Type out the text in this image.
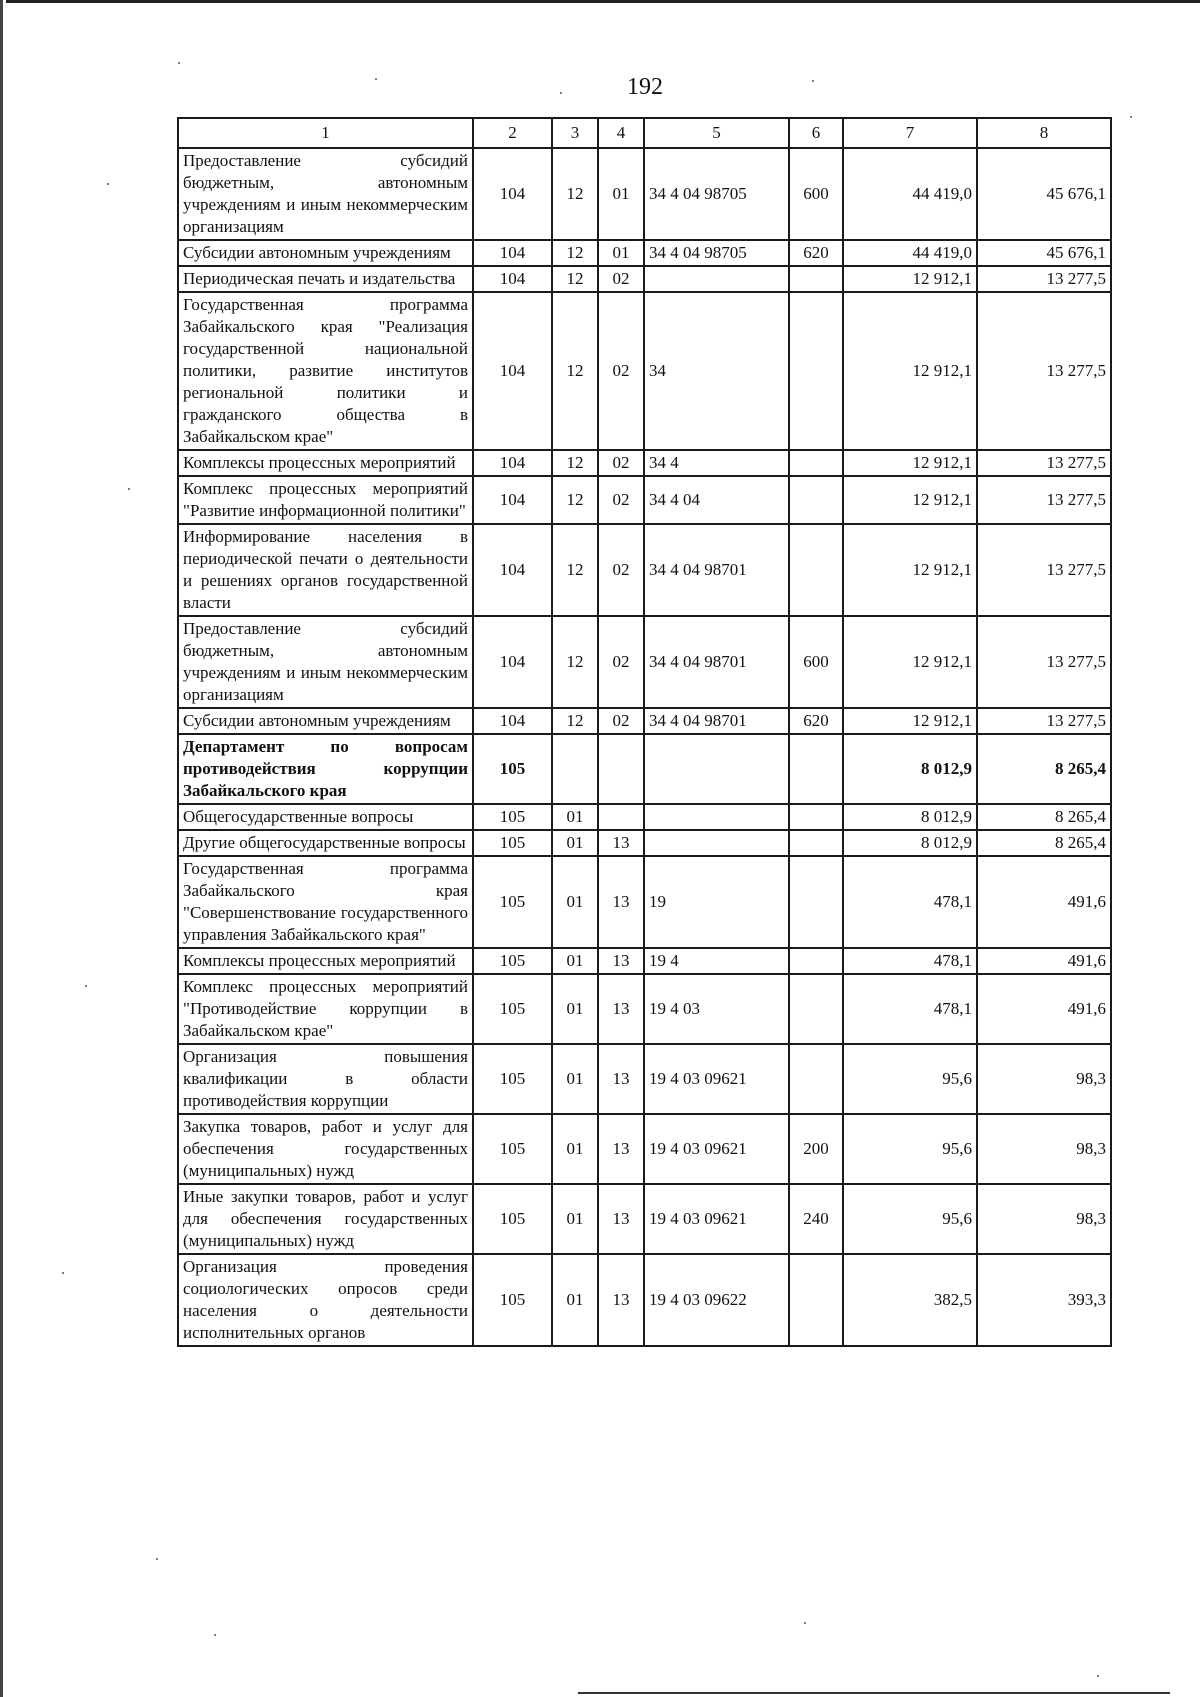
192
1	2	3	4	5	6	7	8
Предоставление субсидий бюджетным, автономным учреждениям и иным некоммерческим организациям	104	12	01	34 4 04 98705	600	44 419,0	45 676,1
Субсидии автономным учреждениям	104	12	01	34 4 04 98705	620	44 419,0	45 676,1
Периодическая печать и издательства	104	12	02			12 912,1	13 277,5
Государственная программа Забайкальского края "Реализация государственной национальной политики, развитие институтов региональной политики и гражданского общества в Забайкальском крае"	104	12	02	34		12 912,1	13 277,5
Комплексы процессных мероприятий	104	12	02	34 4		12 912,1	13 277,5
Комплекс процессных мероприятий "Развитие информационной политики"	104	12	02	34 4 04		12 912,1	13 277,5
Информирование населения в периодической печати о деятельности и решениях органов государственной власти	104	12	02	34 4 04 98701		12 912,1	13 277,5
Предоставление субсидий бюджетным, автономным учреждениям и иным некоммерческим организациям	104	12	02	34 4 04 98701	600	12 912,1	13 277,5
Субсидии автономным учреждениям	104	12	02	34 4 04 98701	620	12 912,1	13 277,5
Департамент по вопросам противодействия коррупции Забайкальского края	105					8 012,9	8 265,4
Общегосударственные вопросы	105	01				8 012,9	8 265,4
Другие общегосударственные вопросы	105	01	13			8 012,9	8 265,4
Государственная программа Забайкальского края "Совершенствование государственного управления Забайкальского края"	105	01	13	19		478,1	491,6
Комплексы процессных мероприятий	105	01	13	19 4		478,1	491,6
Комплекс процессных мероприятий "Противодействие коррупции в Забайкальском крае"	105	01	13	19 4 03		478,1	491,6
Организация повышения квалификации в области противодействия коррупции	105	01	13	19 4 03 09621		95,6	98,3
Закупка товаров, работ и услуг для обеспечения государственных (муниципальных) нужд	105	01	13	19 4 03 09621	200	95,6	98,3
Иные закупки товаров, работ и услуг для обеспечения государственных (муниципальных) нужд	105	01	13	19 4 03 09621	240	95,6	98,3
Организация проведения социологических опросов среди населения о деятельности исполнительных органов	105	01	13	19 4 03 09622		382,5	393,3
